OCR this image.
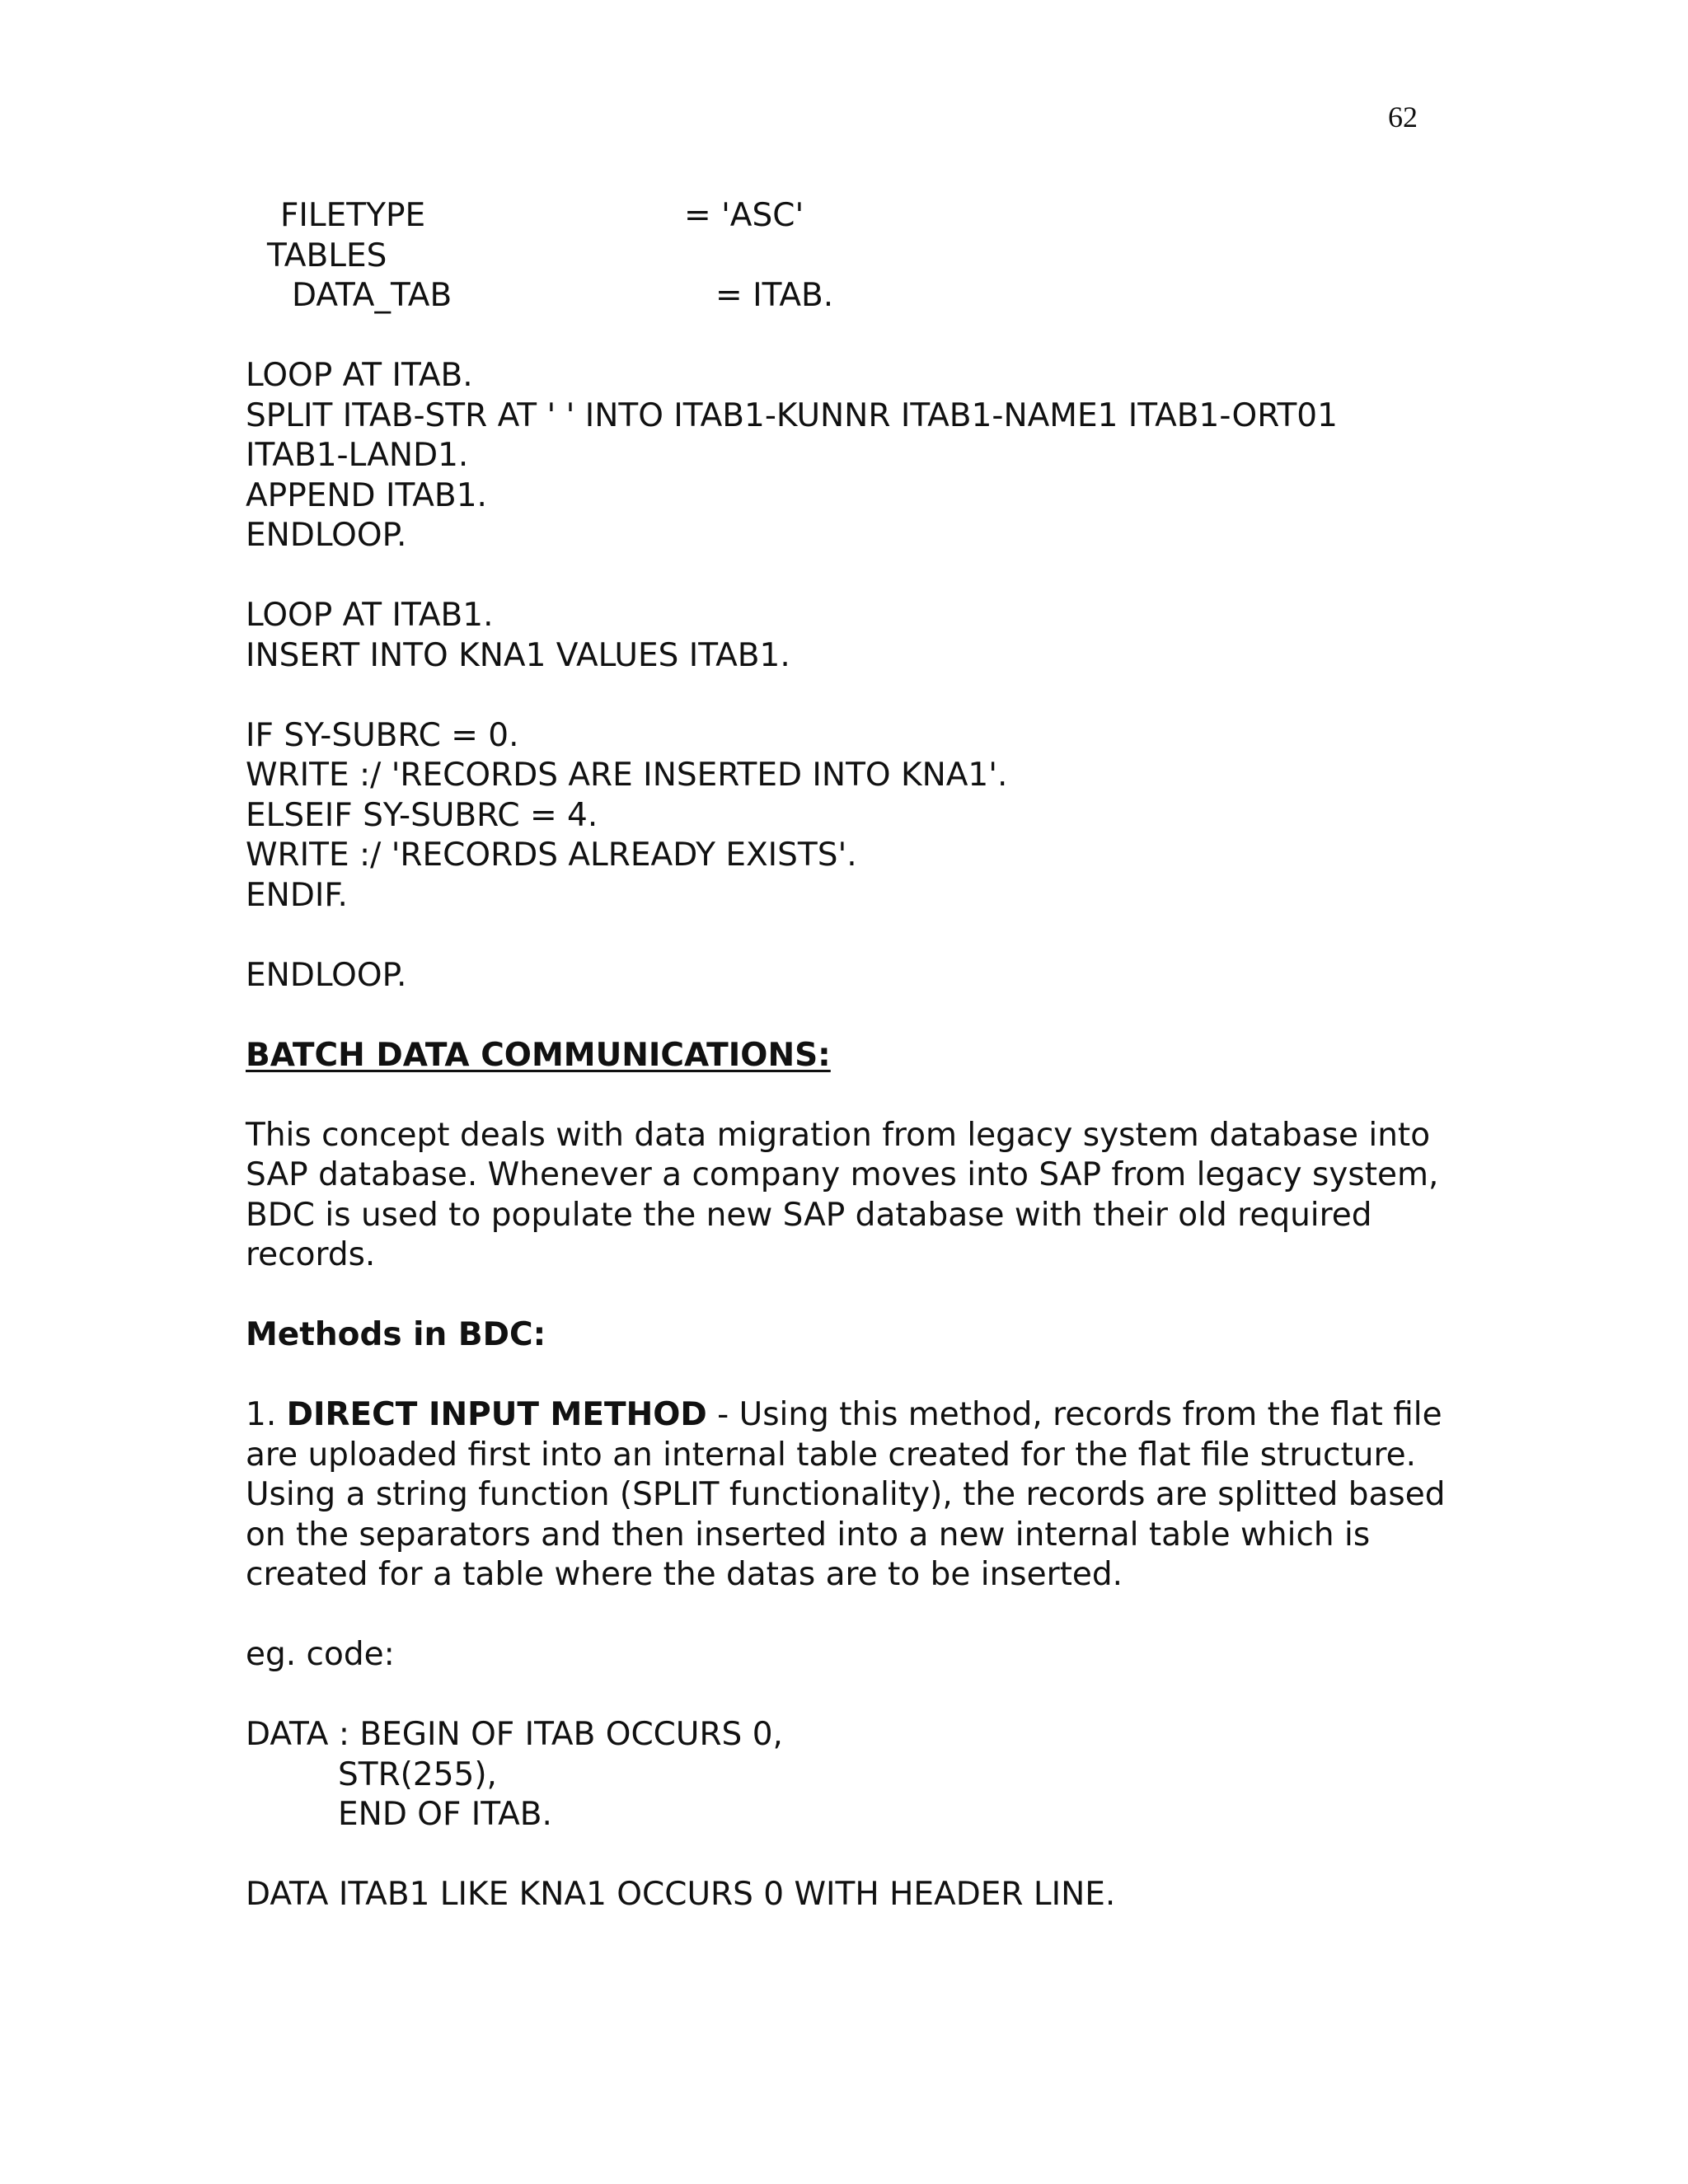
62
FILETYPE	= 'ASC'
TABLES
DATA_TAB	= ITAB.
LOOP AT ITAB.
SPLIT ITAB-STR AT ' ' INTO ITAB1-KUNNR ITAB1-NAME1 ITAB1-ORT01
ITAB1-LAND1.
APPEND ITAB1.
ENDLOOP.
LOOP AT ITAB1.
INSERT INTO KNA1 VALUES ITAB1.
IF SY-SUBRC = 0.
WRITE :/ 'RECORDS ARE INSERTED INTO KNA1'.
ELSEIF SY-SUBRC = 4.
WRITE :/ 'RECORDS ALREADY EXISTS'.
ENDIF.
ENDLOOP.
BATCH DATA COMMUNICATIONS:
This concept deals with data migration from legacy system database into
SAP database. Whenever a company moves into SAP from legacy system,
BDC is used to populate the new SAP database with their old required
records.
Methods in BDC:
1. DIRECT INPUT METHOD - Using this method, records from the flat file
are uploaded first into an internal table created for the flat file structure.
Using a string function (SPLIT functionality), the records are splitted based
on the separators and then inserted into a new internal table which is
created for a table where the datas are to be inserted.
eg. code:
DATA : BEGIN OF ITAB OCCURS 0,
STR(255),
END OF ITAB.
DATA ITAB1 LIKE KNA1 OCCURS 0 WITH HEADER LINE.
